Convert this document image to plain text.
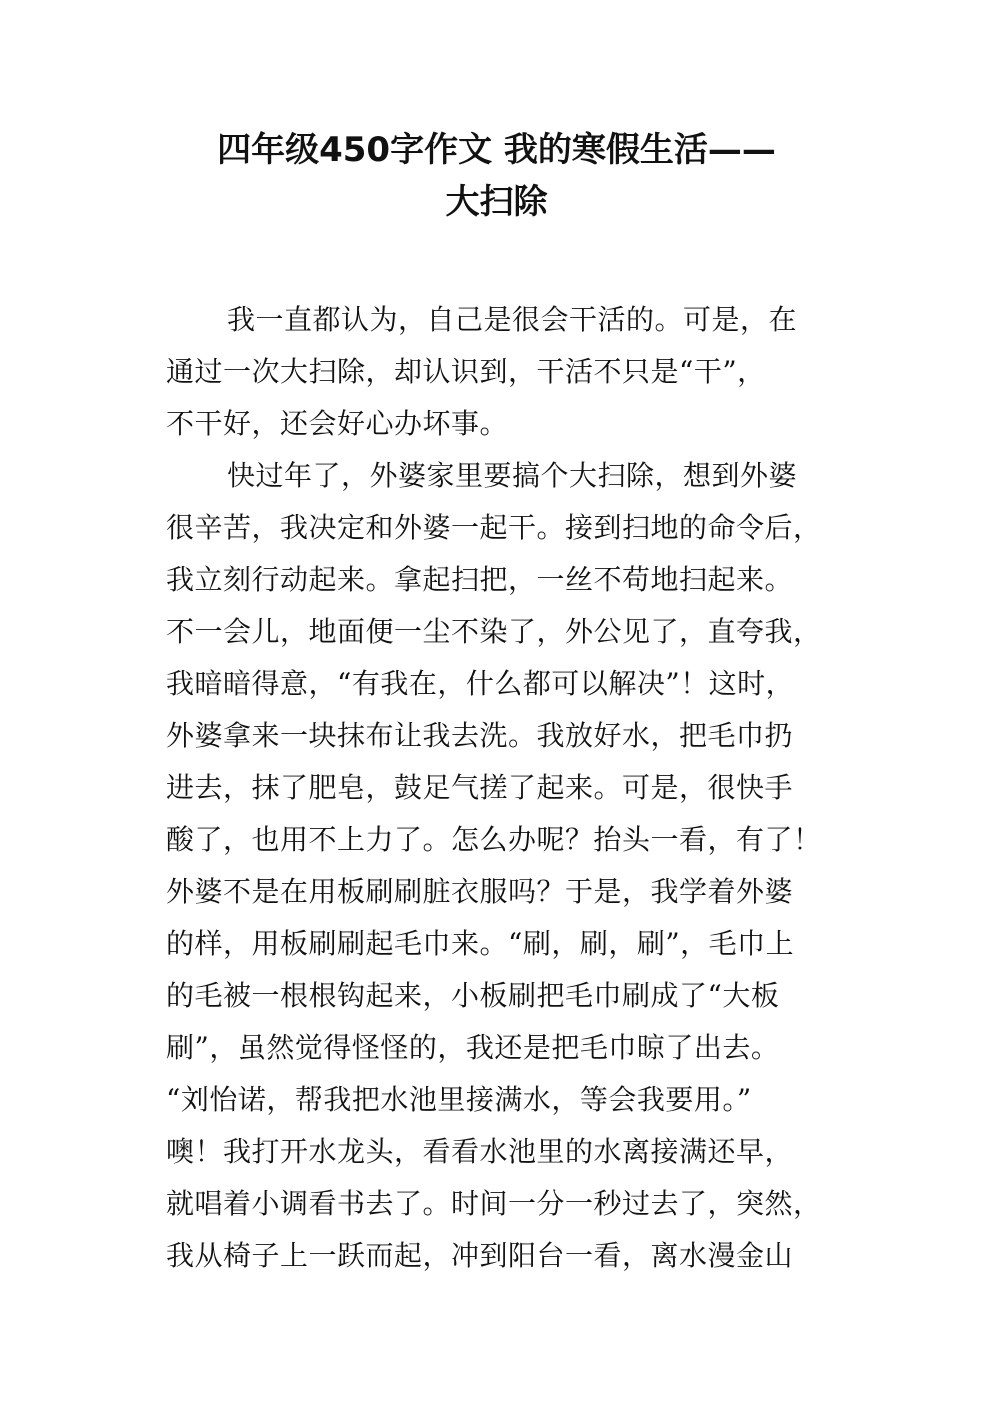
四年级450字作文 我的寒假生活——
大扫除
我一直都认为，自己是很会干活的。可是，在
通过一次大扫除，却认识到，干活不只是“干”，
不干好，还会好心办坏事。
快过年了，外婆家里要搞个大扫除，想到外婆
很辛苦，我决定和外婆一起干。接到扫地的命令后，
我立刻行动起来。拿起扫把，一丝不苟地扫起来。
不一会儿，地面便一尘不染了，外公见了，直夸我，
我暗暗得意，“有我在，什么都可以解决”！这时，
外婆拿来一块抹布让我去洗。我放好水，把毛巾扔
进去，抹了肥皂，鼓足气搓了起来。可是，很快手
酸了，也用不上力了。怎么办呢？抬头一看，有了！
外婆不是在用板刷刷脏衣服吗？于是，我学着外婆
的样，用板刷刷起毛巾来。“刷，刷，刷”，毛巾上
的毛被一根根钩起来，小板刷把毛巾刷成了“大板
刷”，虽然觉得怪怪的，我还是把毛巾晾了出去。
“刘怡诺，帮我把水池里接满水，等会我要用。”
噢！我打开水龙头，看看水池里的水离接满还早，
就唱着小调看书去了。时间一分一秒过去了，突然，
我从椅子上一跃而起，冲到阳台一看，离水漫金山
